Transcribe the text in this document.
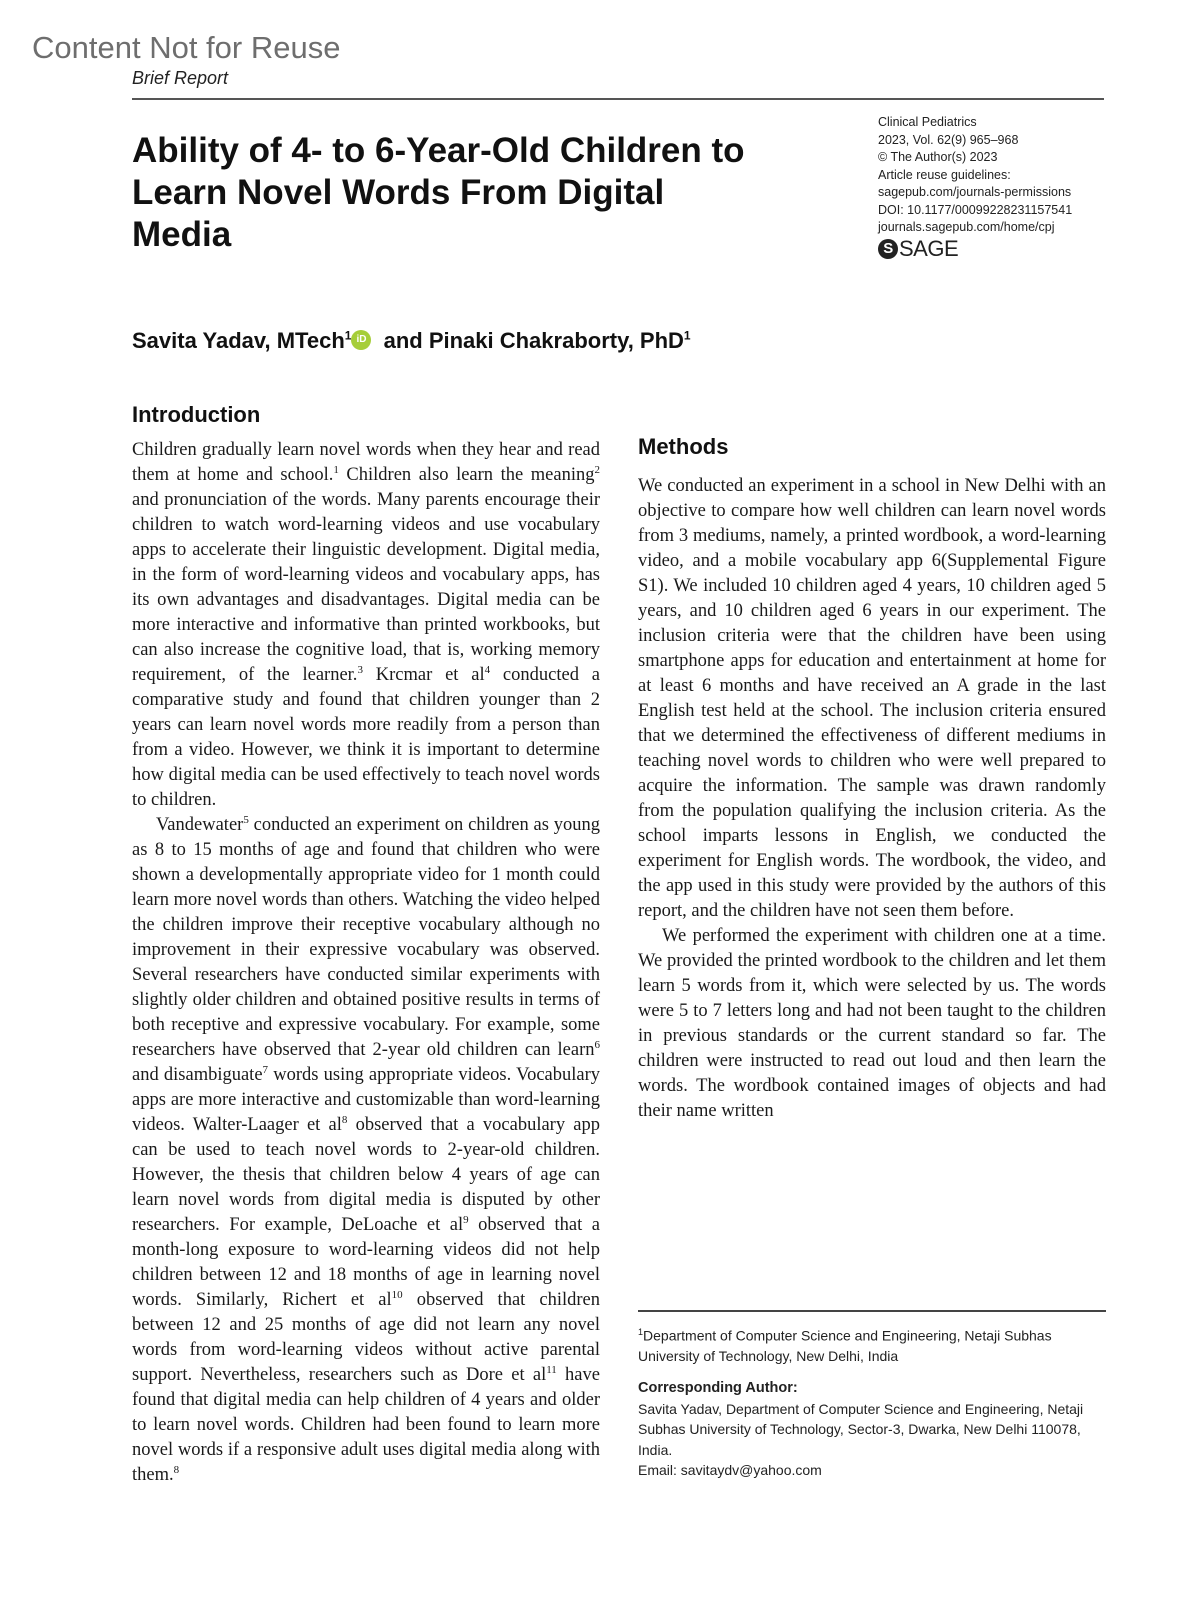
Content Not for Reuse
Brief Report
Ability of 4- to 6-Year-Old Children to Learn Novel Words From Digital Media
Clinical Pediatrics
2023, Vol. 62(9) 965–968
© The Author(s) 2023
Article reuse guidelines:
sagepub.com/journals-permissions
DOI: 10.1177/00099228231157541
journals.sagepub.com/home/cpj
S SAGE
Savita Yadav, MTech$^1$ iD and Pinaki Chakraborty, PhD$^1$
Introduction

Children gradually learn novel words when they hear and read them at home and school.$^1$ Children also learn the meaning$^2$ and pronunciation of the words. Many parents encourage their children to watch word-learning videos and use vocabulary apps to accelerate their linguistic development. Digital media, in the form of word-learning videos and vocabulary apps, has its own advantages and disadvantages. Digital media can be more interactive and informative than printed workbooks, but can also increase the cognitive load, that is, working memory requirement, of the learner.$^3$ Krcmar et $al^4$ conducted a comparative study and found that children younger than 2 years can learn novel words more readily from a person than from a video. However, we think it is important to determine how digital media can be used effectively to teach novel words to children.

Vandewater$^5$ conducted an experiment on children as young as 8 to 15 months of age and found that children who were shown a developmentally appropriate video for 1 month could learn more novel words than others. Watching the video helped the children improve their receptive vocabulary although no improvement in their expressive vocabulary was observed. Several researchers have conducted similar experiments with slightly older children and obtained positive results in terms of both receptive and expressive vocabulary. For example, some researchers have observed that 2-year old children can learn$^6$ and disambiguate$^7$ words using appropriate videos. Vocabulary apps are more interactive and customizable than word-learning videos. Walter-Laager et $al^8$ observed that a vocabulary app can be used to teach novel words to 2-year-old children. However, the thesis that children below 4 years of age can learn novel words from digital media is disputed by other researchers. For example, DeLoache et $al^9$ observed that a month-long exposure to word-learning videos did not help children between 12 and 18 months of age in learning novel words. Similarly, Richert et $al^{10}$ observed that children between 12 and 25 months of age did not learn any novel words from word-learning videos without active parental support. Nevertheless, researchers such as Dore et $al^{11}$ have found that digital media can help children of 4 years and older to learn novel words. Children had been found to learn more novel words if a responsive adult uses digital media along with them.$^8$

Methods

We conducted an experiment in a school in New Delhi with an objective to compare how well children can learn novel words from 3 mediums, namely, a printed wordbook, a word-learning video, and a mobile vocabulary app 6(Supplemental Figure S1). We included 10 children aged 4 years, 10 children aged 5 years, and 10 children aged 6 years in our experiment. The inclusion criteria were that the children have been using smartphone apps for education and entertainment at home for at least 6 months and have received an A grade in the last English test held at the school. The inclusion criteria ensured that we determined the effectiveness of different mediums in teaching novel words to children who were well prepared to acquire the information. The sample was drawn randomly from the population qualifying the inclusion criteria. As the school imparts lessons in English, we conducted the experiment for English words. The wordbook, the video, and the app used in this study were provided by the authors of this report, and the children have not seen them before.

We performed the experiment with children one at a time. We provided the printed wordbook to the children and let them learn 5 words from it, which were selected by us. The words were 5 to 7 letters long and had not been taught to the children in previous standards or the current standard so far. The children were instructed to read out loud and then learn the words. The wordbook contained images of objects and had their name written

$^1$Department of Computer Science and Engineering, Netaji Subhas University of Technology, New Delhi, India

Corresponding Author:

Savita Yadav, Department of Computer Science and Engineering, Netaji Subhas University of Technology, Sector-3, Dwarka, New Delhi 110078, India.

Email: savitaydv@yahoo.com
